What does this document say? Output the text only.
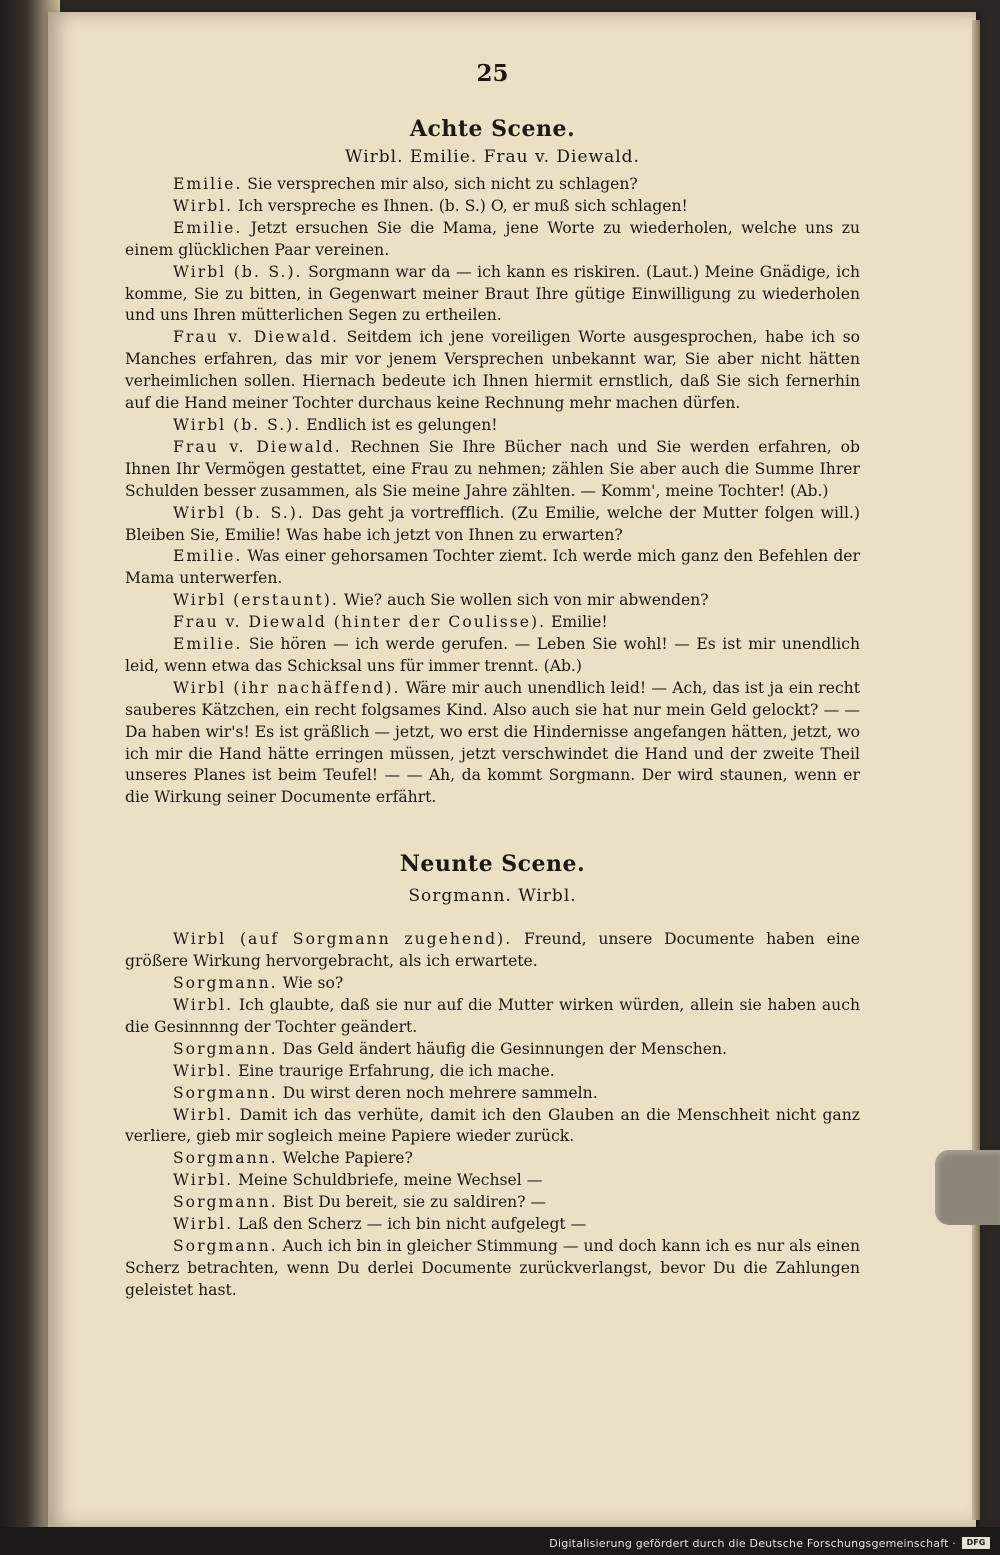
25
Achte Scene.
Wirbl. Emilie. Frau v. Diewald.

Emilie. Sie versprechen mir also, sich nicht zu schlagen?

Wirbl. Ich verspreche es Ihnen. (b. S.) O, er muß sich schlagen!

Emilie. Jetzt ersuchen Sie die Mama, jene Worte zu wiederholen, welche uns zu einem glücklichen Paar vereinen.

Wirbl (b. S.). Sorgmann war da — ich kann es riskiren. (Laut.) Meine Gnädige, ich komme, Sie zu bitten, in Gegenwart meiner Braut Ihre gütige Einwilligung zu wiederholen und uns Ihren mütterlichen Segen zu ertheilen.

Frau v. Diewald. Seitdem ich jene voreiligen Worte ausgesprochen, habe ich so Manches erfahren, das mir vor jenem Versprechen unbekannt war, Sie aber nicht hätten verheimlichen sollen. Hiernach bedeute ich Ihnen hiermit ernstlich, daß Sie sich fernerhin auf die Hand meiner Tochter durchaus keine Rechnung mehr machen dürfen.

Wirbl (b. S.). Endlich ist es gelungen!

Frau v. Diewald. Rechnen Sie Ihre Bücher nach und Sie werden erfahren, ob Ihnen Ihr Vermögen gestattet, eine Frau zu nehmen; zählen Sie aber auch die Summe Ihrer Schulden besser zusammen, als Sie meine Jahre zählten. — Komm', meine Tochter! (Ab.)

Wirbl (b. S.). Das geht ja vortrefflich. (Zu Emilie, welche der Mutter folgen will.) Bleiben Sie, Emilie! Was habe ich jetzt von Ihnen zu erwarten?

Emilie. Was einer gehorsamen Tochter ziemt. Ich werde mich ganz den Befehlen der Mama unterwerfen.

Wirbl (erstaunt). Wie? auch Sie wollen sich von mir abwenden?

Frau v. Diewald (hinter der Coulisse). Emilie!

Emilie. Sie hören — ich werde gerufen. — Leben Sie wohl! — Es ist mir unendlich leid, wenn etwa das Schicksal uns für immer trennt. (Ab.)

Wirbl (ihr nachäffend). Wäre mir auch unendlich leid! — Ach, das ist ja ein recht sauberes Kätzchen, ein recht folgsames Kind. Also auch sie hat nur mein Geld gelockt? — — Da haben wir's! Es ist gräßlich — jetzt, wo erst die Hindernisse angefangen hätten, jetzt, wo ich mir die Hand hätte erringen müssen, jetzt verschwindet die Hand und der zweite Theil unseres Planes ist beim Teufel! — — Ah, da kommt Sorgmann. Der wird staunen, wenn er die Wirkung seiner Documente erfährt.

Neunte Scene.
Sorgmann. Wirbl.

Wirbl (auf Sorgmann zugehend). Freund, unsere Documente haben eine größere Wirkung hervorgebracht, als ich erwartete.

Sorgmann. Wie so?

Wirbl. Ich glaubte, daß sie nur auf die Mutter wirken würden, allein sie haben auch die Gesinnnng der Tochter geändert.

Sorgmann. Das Geld ändert häufig die Gesinnungen der Menschen.

Wirbl. Eine traurige Erfahrung, die ich mache.

Sorgmann. Du wirst deren noch mehrere sammeln.

Wirbl. Damit ich das verhüte, damit ich den Glauben an die Menschheit nicht ganz verliere, gieb mir sogleich meine Papiere wieder zurück.

Sorgmann. Welche Papiere?

Wirbl. Meine Schuldbriefe, meine Wechsel —

Sorgmann. Bist Du bereit, sie zu saldiren? —

Wirbl. Laß den Scherz — ich bin nicht aufgelegt —

Sorgmann. Auch ich bin in gleicher Stimmung — und doch kann ich es nur als einen Scherz betrachten, wenn Du derlei Documente zurückverlangst, bevor Du die Zahlungen geleistet hast.

Digitalisierung gefördert durch die Deutsche Forschungsgemeinschaft ·	DFG
